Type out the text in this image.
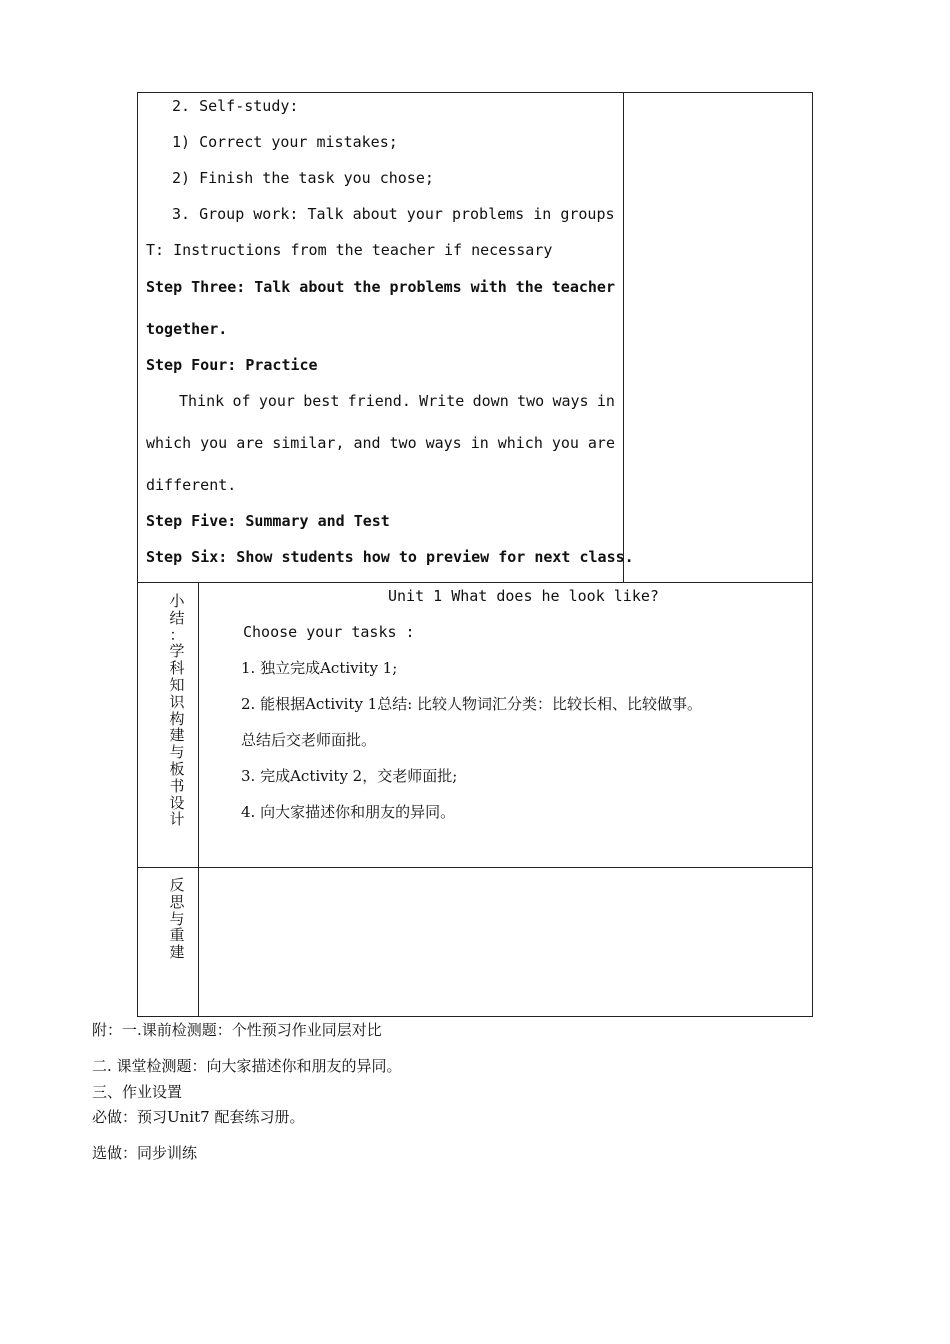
2. Self-study:
1) Correct your mistakes;
2) Finish the task you chose;
3. Group work: Talk about your problems in groups
T: Instructions from the teacher if necessary
Step Three: Talk about the problems with the teacher
together.
Step Four: Practice
Think of your best friend. Write down two ways in
which you are similar, and two ways in which you are
different.
Step Five: Summary and Test
Step Six: Show students how to preview for next class.
小
结
：
学
科
知
识
构
建
与
板
书
设
计
Unit 1 What does he look like?
Choose your tasks :
1. 独立完成Activity 1;
2. 能根据Activity 1总结: 比较人物词汇分类：比较长相、比较做事。
总结后交老师面批。
3. 完成Activity 2，交老师面批;
4. 向大家描述你和朋友的异同。
反
思
与
重
建
附：一.课前检测题：个性预习作业同层对比
二. 课堂检测题：向大家描述你和朋友的异同。
三、作业设置
必做：预习Unit7 配套练习册。
选做：同步训练
